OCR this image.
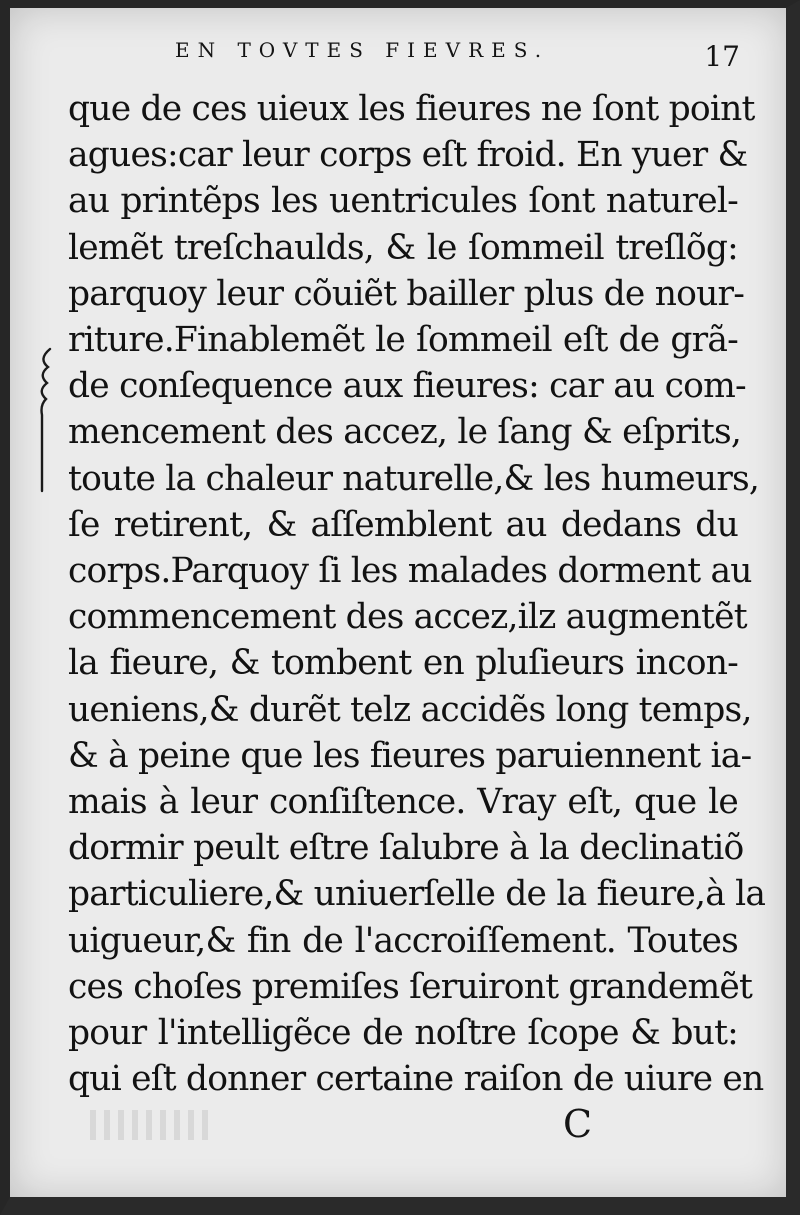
EN TOVTES FIEVRES.	17
que de ces uieux les fieures ne ſont point
agues:car leur corps eſt froid. En yuer &
au printẽps les uentricules ſont naturel-
lemẽt treſchaulds, & le ſommeil treſlõg:
parquoy leur cõuiẽt bailler plus de nour-
riture.Finablemẽt le ſommeil eſt de grã-
de conſequence aux fieures: car au com-
mencement des accez, le ſang & eſprits,
toute la chaleur naturelle,& les humeurs,
ſe retirent, & aſſemblent au dedans du
corps.Parquoy ſi les malades dorment au
commencement des accez,ilz augmentẽt
la fieure, & tombent en pluſieurs incon-
ueniens,& durẽt telz accidẽs long temps,
& à peine que les fieures paruiennent ia-
mais à leur conſiſtence. Vray eſt, que le
dormir peult eſtre ſalubre à la declinatiõ
particuliere,& uniuerſelle de la fieure,à la
uigueur,& fin de l'accroiſſement. Toutes
ces choſes premiſes ſeruiront grandemẽt
pour l'intelligẽce de noſtre ſcope & but:
qui eſt donner certaine raiſon de uiure en
C
